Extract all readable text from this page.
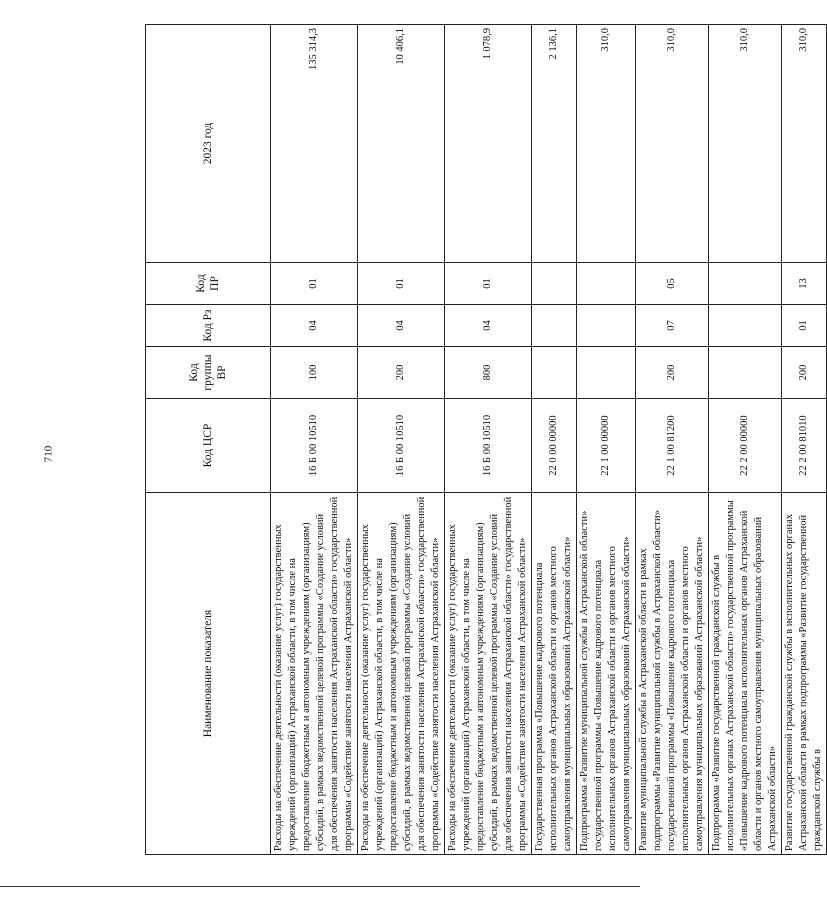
710
Наименование показателя	Код ЦСР	Код группы ВР	Код Рз	Код ПР	2023 год
Расходы на обеспечение деятельности (оказание услуг) государственных учреждений (организаций) Астраханской области, в том числе на предоставление бюджетным и автономным учреждениям (организациям) субсидий, в рамках ведомственной целевой программы «Создание условий для обеспечения занятости населения Астраханской области» государственной программы «Содействие занятости населения Астраханской области»	16 Б 00 10510	100	04	01	135 314,3
Расходы на обеспечение деятельности (оказание услуг) государственных учреждений (организаций) Астраханской области, в том числе на предоставление бюджетным и автономным учреждениям (организациям) субсидий, в рамках ведомственной целевой программы «Создание условий для обеспечения занятости населения Астраханской области» государственной программы «Содействие занятости населения Астраханской области»	16 Б 00 10510	200	04	01	10 406,1
Расходы на обеспечение деятельности (оказание услуг) государственных учреждений (организаций) Астраханской области, в том числе на предоставление бюджетным и автономным учреждениям (организациям) субсидий, в рамках ведомственной целевой программы «Создание условий для обеспечения занятости населения Астраханской области» государственной программы «Содействие занятости населения Астраханской области»	16 Б 00 10510	800	04	01	1 078,9
Государственная программа «Повышение кадрового потенциала исполнительных органов Астраханской области и органов местного самоуправления муниципальных образований Астраханской области»	22 0 00 00000				2 136,1
Подпрограмма «Развитие муниципальной службы в Астраханской области» государственной программы «Повышение кадрового потенциала исполнительных органов Астраханской области и органов местного самоуправления муниципальных образований Астраханской области»	22 1 00 00000				310,0
Развитие муниципальной службы в Астраханской области в рамках подпрограммы «Развитие муниципальной службы в Астраханской области» государственной программы «Повышение кадрового потенциала исполнительных органов Астраханской области и органов местного самоуправления муниципальных образований Астраханской области»	22 1 00 81200	200	07	05	310,0
Подпрограмма «Развитие государственной гражданской службы в исполнительных органах Астраханской области» государственной программы «Повышение кадрового потенциала исполнительных органов Астраханской области и органов местного самоуправления муниципальных образований Астраханской области»	22 2 00 00000				310,0
Развитие государственной гражданской службы в исполнительных органах Астраханской области в рамках подпрограммы «Развитие государственной гражданской службы в	22 2 00 81010	200	01	13	310,0
